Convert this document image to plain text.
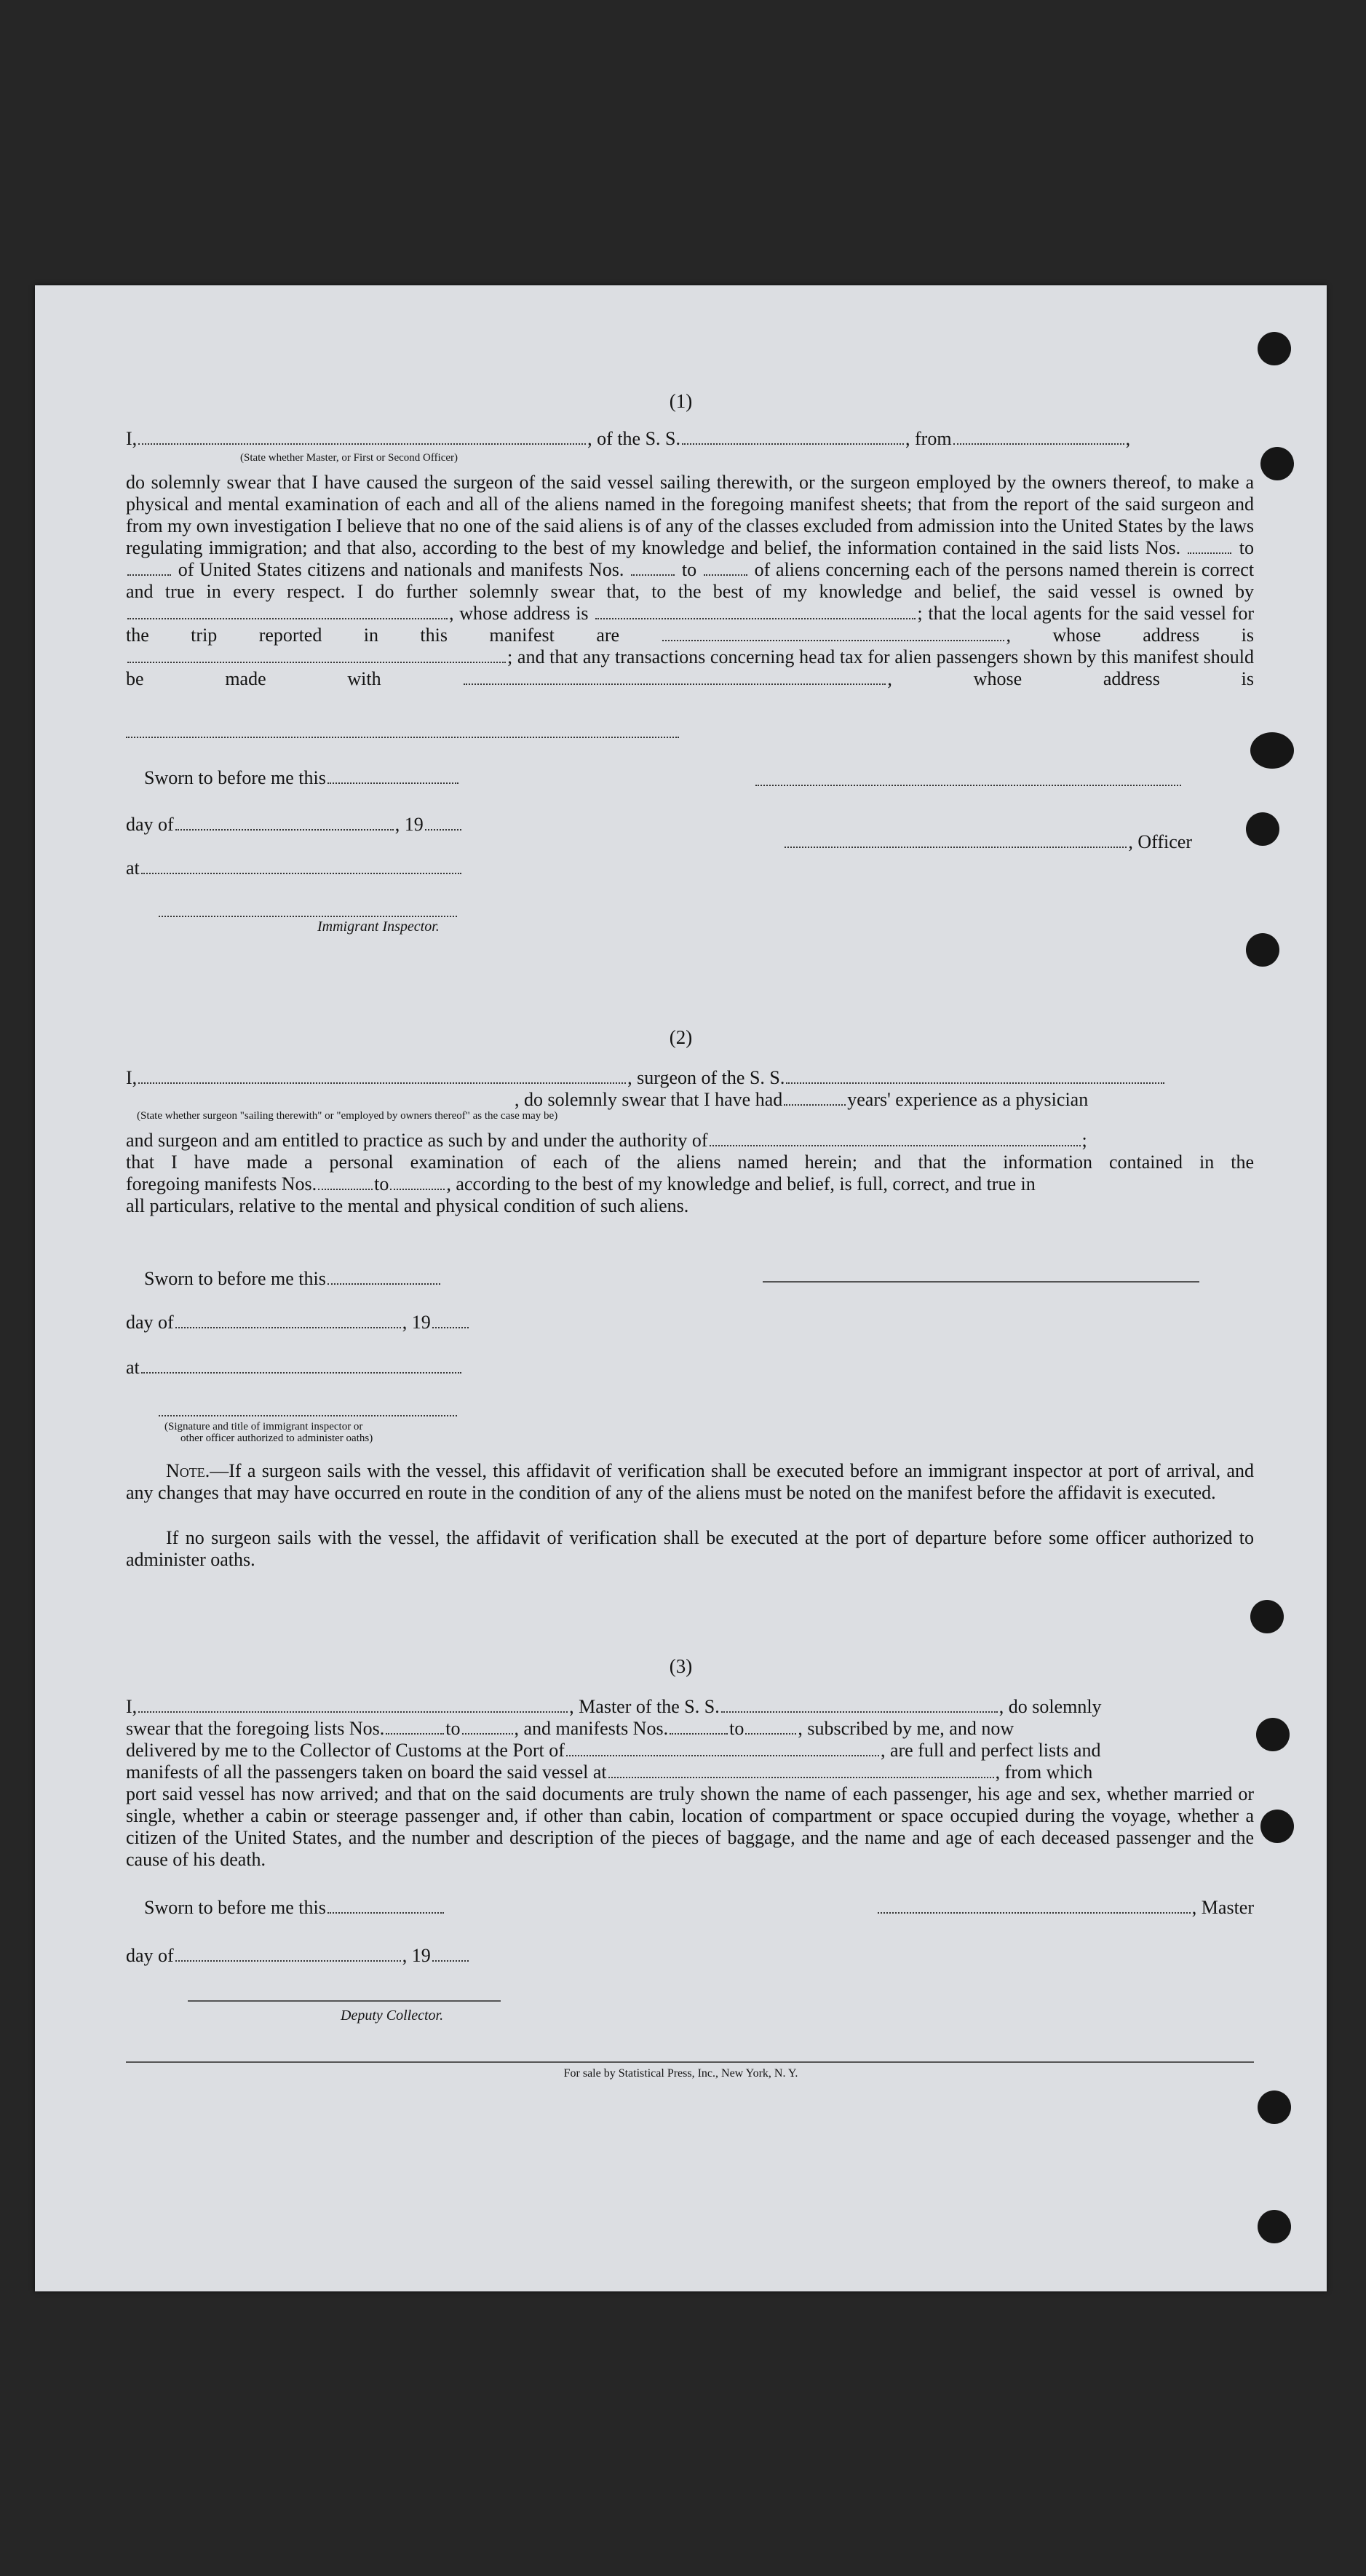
(1)
I,	, of the S. S.	, from	,
(State whether Master, or First or Second Officer)
do solemnly swear that I have caused the surgeon of the said vessel sailing therewith, or the surgeon employed by the owners thereof, to make a physical and mental examination of each and all of the aliens named in the foregoing manifest sheets; that from the report of the said surgeon and from my own investigation I believe that no one of the said aliens is of any of the classes excluded from admission into the United States by the laws regulating immigration; and that also, according to the best of my knowledge and belief, the information contained in the said lists Nos.	to  of United States citizens and nationals and manifests Nos.	to	of aliens concerning each of the persons named therein is correct and true in every respect. I do further solemnly swear that, to the best of my knowledge and belief, the said vessel is owned by , whose address is	; that the local agents for the said vessel for the trip reported in this manifest are	, whose address is ; and that any transactions concerning head tax for alien passengers shown by this manifest should be made with	, whose address is
Sworn to before me this
day of	, 19
, Officer
at
Immigrant Inspector.
(2)
I,	, surgeon of the S. S.
, do solemnly swear that I have had	years' experience as a physician
(State whether surgeon "sailing therewith" or "employed by owners thereof" as the case may be)
and surgeon and am entitled to practice as such by and under the authority of	;
that I have made a personal examination of each of the aliens named herein; and that the information contained in the
foregoing manifests Nos.	to	, according to the best of my knowledge and belief, is full, correct, and true in
all particulars, relative to the mental and physical condition of such aliens.
Sworn to before me this
day of	, 19
at
(Signature and title of immigrant inspector or
other officer authorized to administer oaths)
Note.—If a surgeon sails with the vessel, this affidavit of verification shall be executed before an immigrant inspector at port of arrival, and any changes that may have occurred en route in the condition of any of the aliens must be noted on the manifest before the affidavit is executed.
If no surgeon sails with the vessel, the affidavit of verification shall be executed at the port of departure before some officer authorized to administer oaths.
(3)
I,	, Master of the S. S.	, do solemnly
swear that the foregoing lists Nos.	to	, and manifests Nos.	to	, subscribed by me, and now
delivered by me to the Collector of Customs at the Port of	, are full and perfect lists and
manifests of all the passengers taken on board the said vessel at	, from which
port said vessel has now arrived; and that on the said documents are truly shown the name of each passenger, his age and sex, whether married or single, whether a cabin or steerage passenger and, if other than cabin, location of compartment or space occupied during the voyage, whether a citizen of the United States, and the number and description of the pieces of baggage, and the name and age of each deceased passenger and the cause of his death.
Sworn to before me this	, Master
day of	, 19
Deputy Collector.
For sale by Statistical Press, Inc., New York, N. Y.
